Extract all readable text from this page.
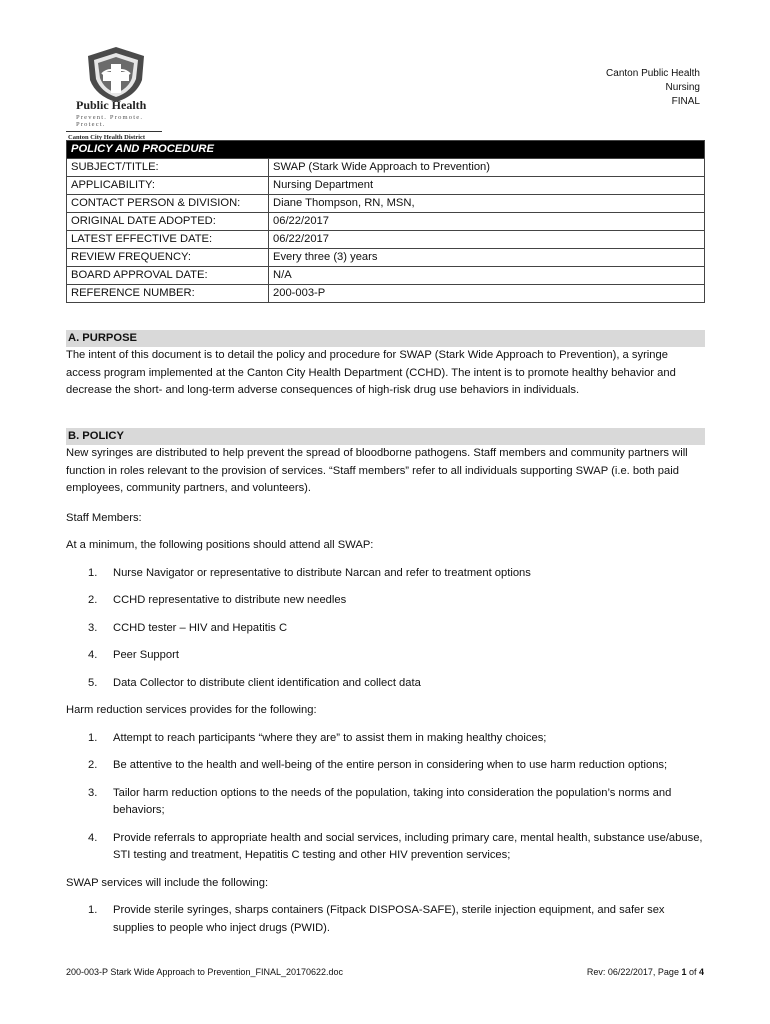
Public Health
Prevent. Promote. Protect.
Canton City Health District
Canton Public Health
Nursing
FINAL
POLICY AND PROCEDURE	
SUBJECT/TITLE:	SWAP (Stark Wide Approach to Prevention)
APPLICABILITY:	Nursing Department
CONTACT PERSON & DIVISION:	Diane Thompson, RN, MSN,
ORIGINAL DATE ADOPTED:	06/22/2017
LATEST EFFECTIVE DATE:	06/22/2017
REVIEW FREQUENCY:	Every three (3) years
BOARD APPROVAL DATE:	N/A
REFERENCE NUMBER:	200-003-P
A. PURPOSE

The intent of this document is to detail the policy and procedure for SWAP (Stark Wide Approach to Prevention), a syringe access program implemented at the Canton City Health Department (CCHD). The intent is to promote healthy behavior and decrease the short- and long-term adverse consequences of high-risk drug use behaviors in individuals.

B. POLICY

New syringes are distributed to help prevent the spread of bloodborne pathogens. Staff members and community partners will function in roles relevant to the provision of services. “Staff members” refer to all individuals supporting SWAP (i.e. both paid employees, community partners, and volunteers).

Staff Members:

At a minimum, the following positions should attend all SWAP:

1. Nurse Navigator or representative to distribute Narcan and refer to treatment options
2. CCHD representative to distribute new needles
3. CCHD tester – HIV and Hepatitis C
4. Peer Support
5. Data Collector to distribute client identification and collect data

Harm reduction services provides for the following:

1. Attempt to reach participants “where they are” to assist them in making healthy choices;
2. Be attentive to the health and well-being of the entire person in considering when to use harm reduction options;
3. Tailor harm reduction options to the needs of the population, taking into consideration the population’s norms and behaviors;
4. Provide referrals to appropriate health and social services, including primary care, mental health, substance use/abuse, STI testing and treatment, Hepatitis C testing and other HIV prevention services;

SWAP services will include the following:

1. Provide sterile syringes, sharps containers (Fitpack DISPOSA-SAFE), sterile injection equipment, and safer sex supplies to people who inject drugs (PWID).
200-003-P Stark Wide Approach to Prevention_FINAL_20170622.doc	Rev: 06/22/2017, Page 1 of 4
